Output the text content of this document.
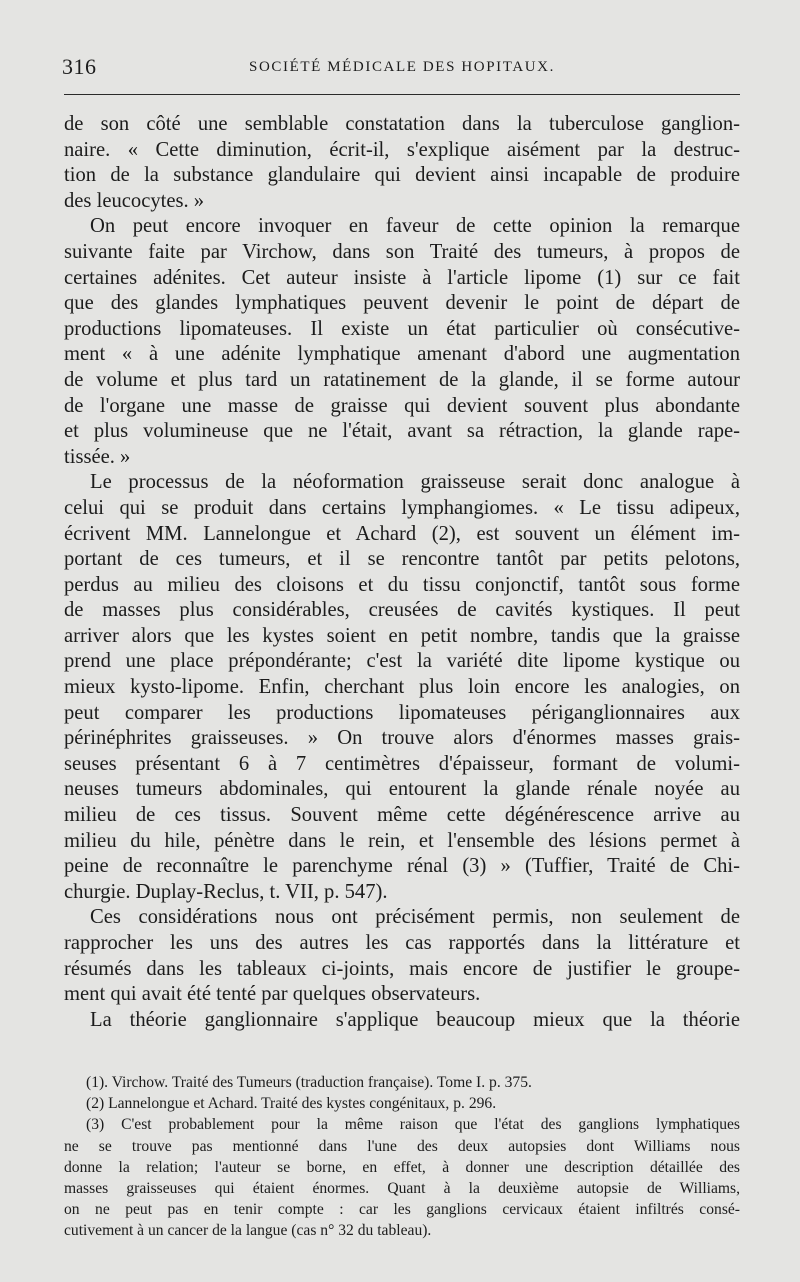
316	SOCIÉTÉ MÉDICALE DES HOPITAUX.
de son côté une semblable constatation dans la tuberculose ganglion-
naire. « Cette diminution, écrit-il, s'explique aisément par la destruc-
tion de la substance glandulaire qui devient ainsi incapable de produire
des leucocytes. »
On peut encore invoquer en faveur de cette opinion la remarque
suivante faite par Virchow, dans son Traité des tumeurs, à propos de
certaines adénites. Cet auteur insiste à l'article lipome (1) sur ce fait
que des glandes lymphatiques peuvent devenir le point de départ de
productions lipomateuses. Il existe un état particulier où consécutive-
ment « à une adénite lymphatique amenant d'abord une augmentation
de volume et plus tard un ratatinement de la glande, il se forme autour
de l'organe une masse de graisse qui devient souvent plus abondante
et plus volumineuse que ne l'était, avant sa rétraction, la glande rape-
tissée. »
Le processus de la néoformation graisseuse serait donc analogue à
celui qui se produit dans certains lymphangiomes. « Le tissu adipeux,
écrivent MM. Lannelongue et Achard (2), est souvent un élément im-
portant de ces tumeurs, et il se rencontre tantôt par petits pelotons,
perdus au milieu des cloisons et du tissu conjonctif, tantôt sous forme
de masses plus considérables, creusées de cavités kystiques. Il peut
arriver alors que les kystes soient en petit nombre, tandis que la graisse
prend une place prépondérante; c'est la variété dite lipome kystique ou
mieux kysto-lipome. Enfin, cherchant plus loin encore les analogies, on
peut comparer les productions lipomateuses périganglionnaires aux
périnéphrites graisseuses. » On trouve alors d'énormes masses grais-
seuses présentant 6 à 7 centimètres d'épaisseur, formant de volumi-
neuses tumeurs abdominales, qui entourent la glande rénale noyée au
milieu de ces tissus. Souvent même cette dégénérescence arrive au
milieu du hile, pénètre dans le rein, et l'ensemble des lésions permet à
peine de reconnaître le parenchyme rénal (3) » (Tuffier, Traité de Chi-
churgie. Duplay-Reclus, t. VII, p. 547).
Ces considérations nous ont précisément permis, non seulement de
rapprocher les uns des autres les cas rapportés dans la littérature et
résumés dans les tableaux ci-joints, mais encore de justifier le groupe-
ment qui avait été tenté par quelques observateurs.
La théorie ganglionnaire s'applique beaucoup mieux que la théorie
(1). Virchow. Traité des Tumeurs (traduction française). Tome I. p. 375.
(2) Lannelongue et Achard. Traité des kystes congénitaux, p. 296.
(3) C'est probablement pour la même raison que l'état des ganglions lymphatiques
ne se trouve pas mentionné dans l'une des deux autopsies dont Williams nous
donne la relation; l'auteur se borne, en effet, à donner une description détaillée des
masses graisseuses qui étaient énormes. Quant à la deuxième autopsie de Williams,
on ne peut pas en tenir compte : car les ganglions cervicaux étaient infiltrés consé-
cutivement à un cancer de la langue (cas n° 32 du tableau).
